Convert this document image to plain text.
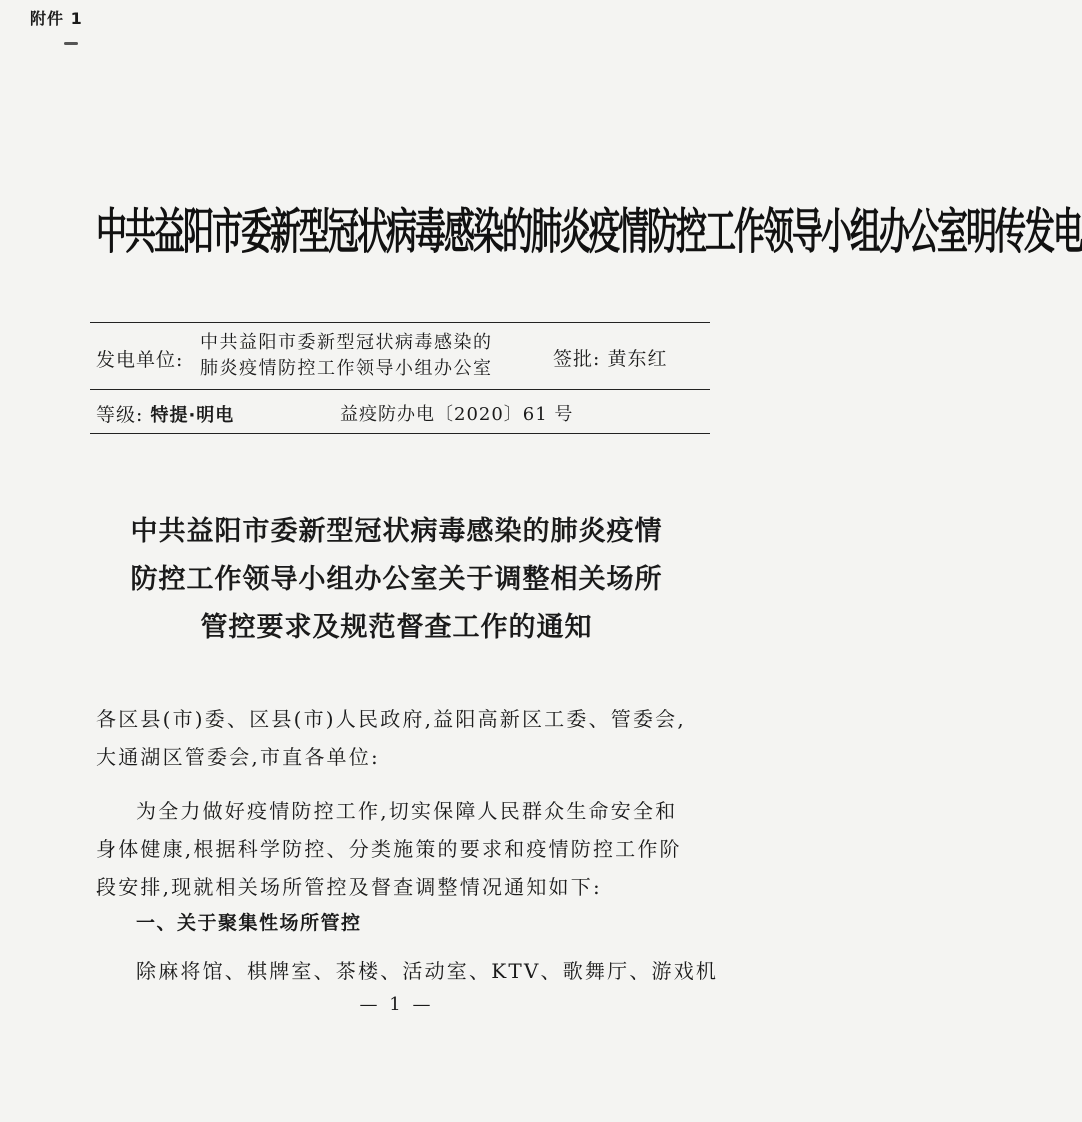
附件 1
中共益阳市委新型冠状病毒感染的肺炎疫情防控工作领导小组办公室明传发电
发电单位:
中共益阳市委新型冠状病毒感染的
肺炎疫情防控工作领导小组办公室	签批: 黄东红
等级: 特提·明电	益疫防办电〔2020〕61 号
中共益阳市委新型冠状病毒感染的肺炎疫情
防控工作领导小组办公室关于调整相关场所
管控要求及规范督查工作的通知
各区县(市)委、区县(市)人民政府,益阳高新区工委、管委会,大通湖区管委会,市直各单位:
为全力做好疫情防控工作,切实保障人民群众生命安全和身体健康,根据科学防控、分类施策的要求和疫情防控工作阶段安排,现就相关场所管控及督查调整情况通知如下:
一、关于聚集性场所管控
除麻将馆、棋牌室、茶楼、活动室、KTV、歌舞厅、游戏机
— 1 —
